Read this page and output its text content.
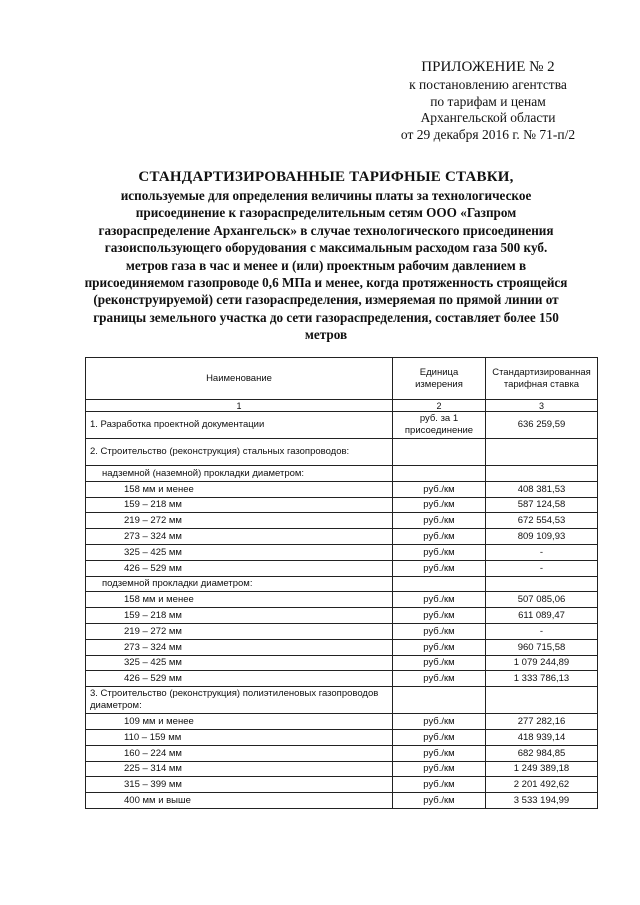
ПРИЛОЖЕНИЕ № 2
к постановлению агентства
по тарифам и ценам
Архангельской области
от 29 декабря 2016 г. № 71-п/2
СТАНДАРТИЗИРОВАННЫЕ ТАРИФНЫЕ СТАВКИ,
используемые для определения величины платы за технологическое присоединение к газораспределительным сетям ООО «Газпром газораспределение Архангельск» в случае технологического присоединения газоиспользующего оборудования с максимальным расходом газа 500 куб. метров газа в час и менее и (или) проектным рабочим давлением в присоединяемом газопроводе 0,6 МПа и менее, когда протяженность строящейся (реконструируемой) сети газораспределения, измеряемая по прямой линии от границы земельного участка до сети газораспределения, составляет более 150 метров
Наименование	Единица измерения	Стандартизированная тарифная ставка
1	2	3
1. Разработка проектной документации	руб. за 1 присоединение	636 259,59
2. Строительство (реконструкция) стальных газопроводов:		
надземной (наземной) прокладки диаметром:		
158 мм и менее	руб./км	408 381,53
159 – 218 мм	руб./км	587 124,58
219 – 272 мм	руб./км	672 554,53
273 – 324 мм	руб./км	809 109,93
325 – 425 мм	руб./км	-
426 – 529 мм	руб./км	-
подземной прокладки диаметром:		
158 мм и менее	руб./км	507 085,06
159 – 218 мм	руб./км	611 089,47
219 – 272 мм	руб./км	-
273 – 324 мм	руб./км	960 715,58
325 – 425 мм	руб./км	1 079 244,89
426 – 529 мм	руб./км	1 333 786,13
3. Строительство (реконструкция) полиэтиленовых газопроводов диаметром:		
109 мм и менее	руб./км	277 282,16
110 – 159 мм	руб./км	418 939,14
160 – 224 мм	руб./км	682 984,85
225 – 314 мм	руб./км	1 249 389,18
315 – 399 мм	руб./км	2 201 492,62
400 мм и выше	руб./км	3 533 194,99
